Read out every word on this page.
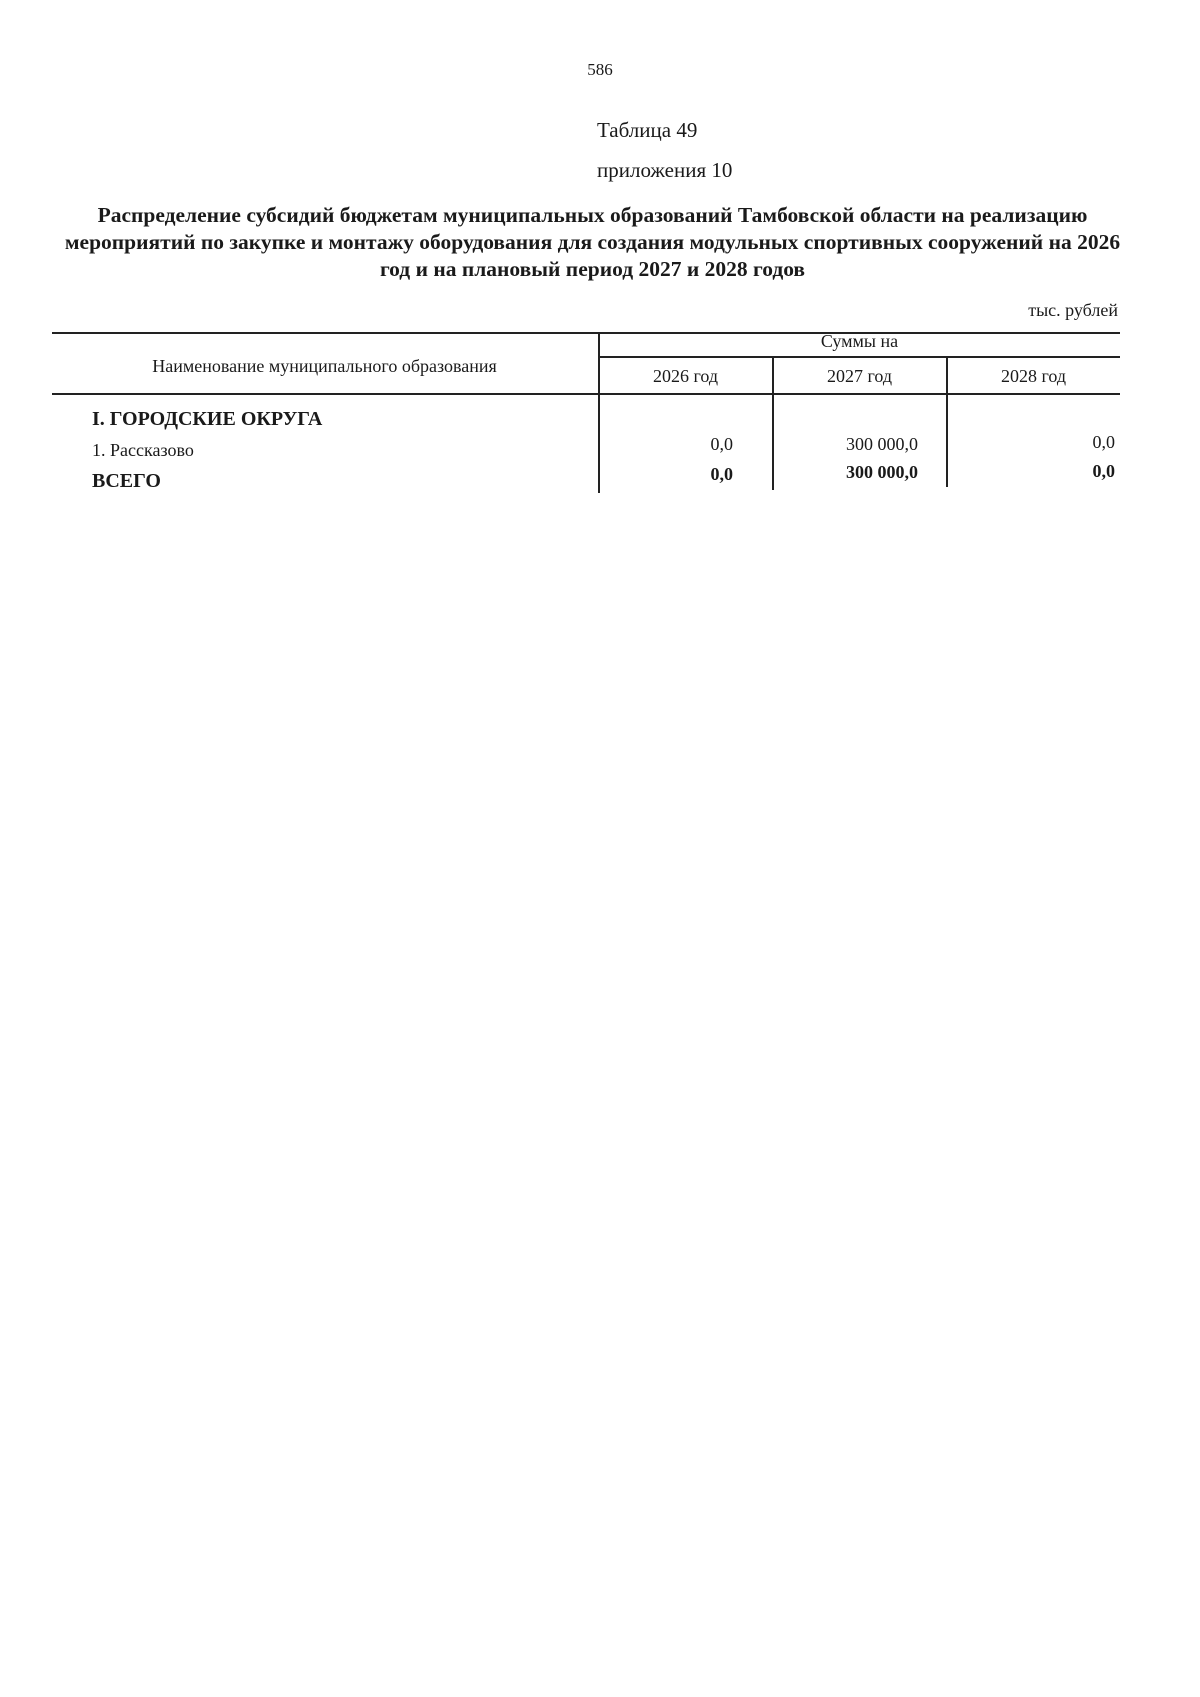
586
Таблица 49
приложения 10
Распределение субсидий бюджетам муниципальных образований Тамбовской области на реализацию мероприятий по закупке и монтажу оборудования для создания модульных спортивных сооружений на 2026 год и на плановый период 2027 и 2028 годов
тыс. рублей
Наименование муниципального образования
Суммы на
2026 год	2027 год	2028 год
I. ГОРОДСКИЕ ОКРУГА
1. Рассказово	0,0	300 000,0	0,0
ВСЕГО	0,0	300 000,0	0,0
